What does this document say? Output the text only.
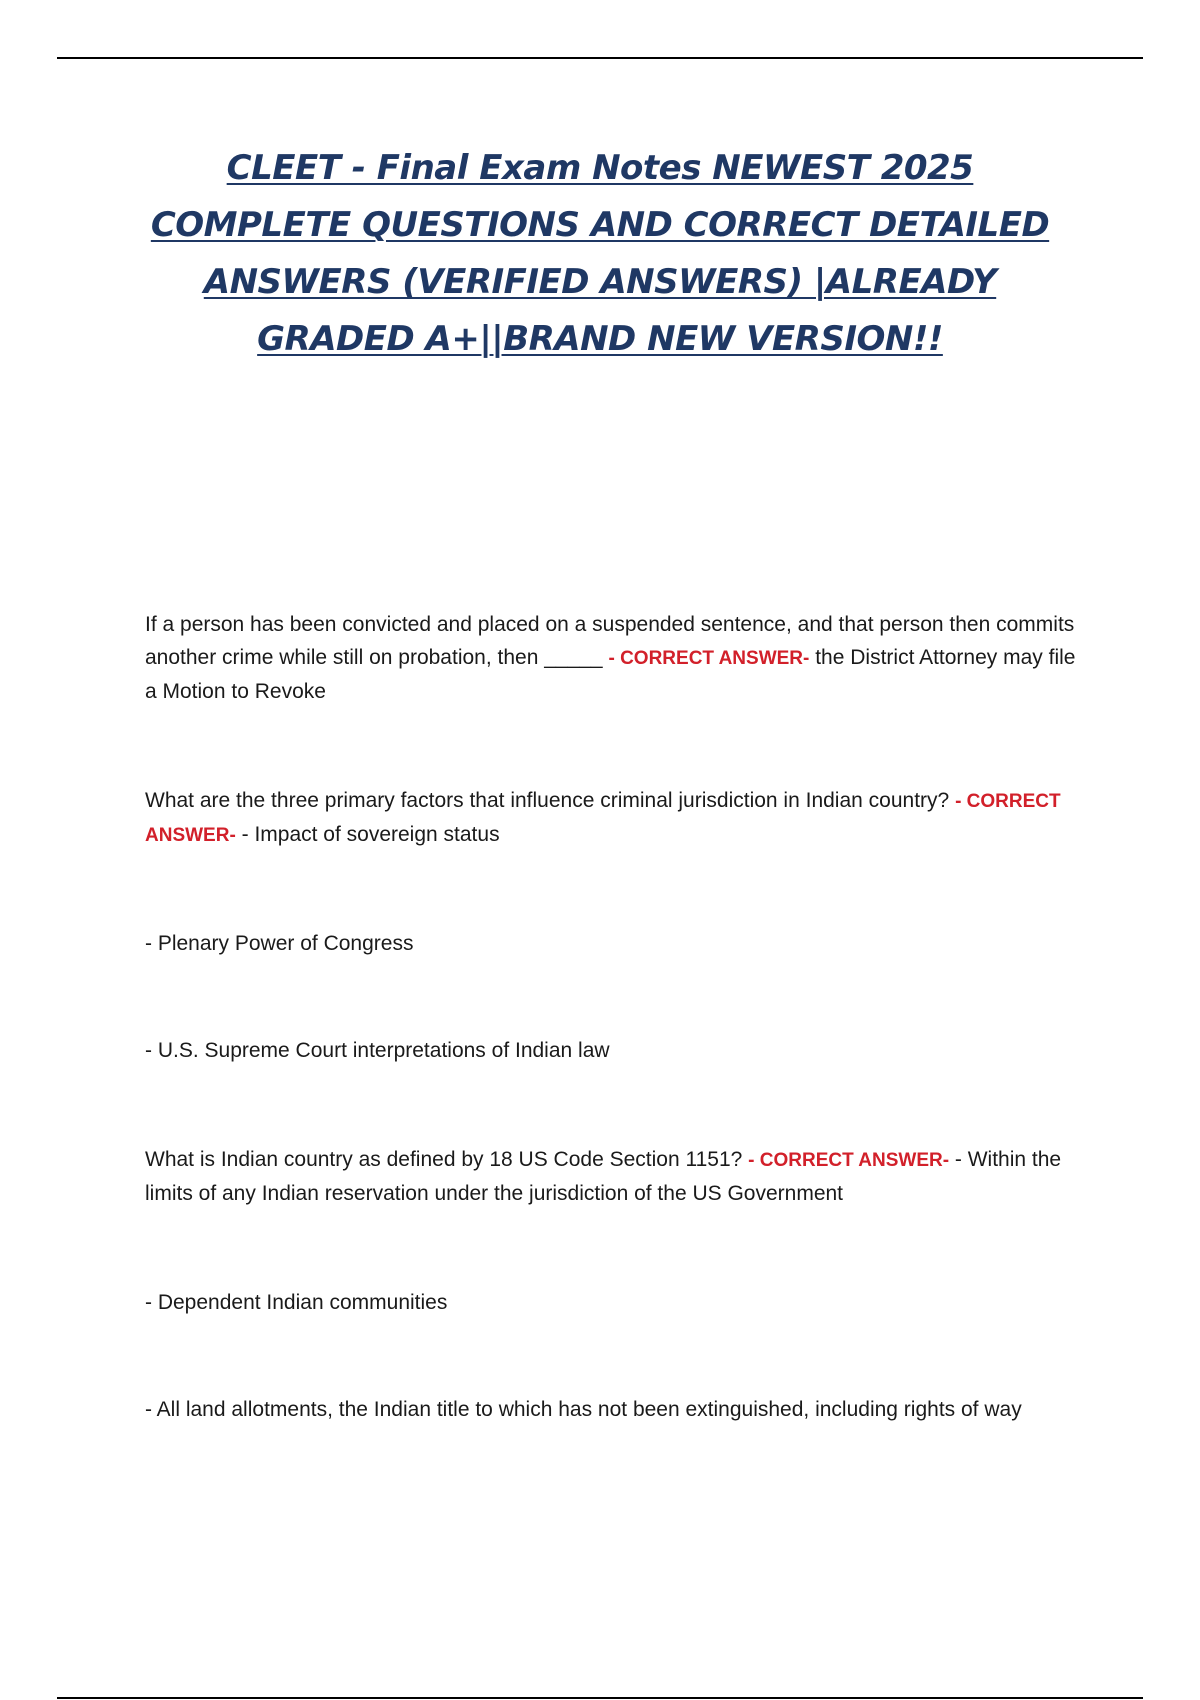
CLEET - Final Exam Notes NEWEST 2025 COMPLETE QUESTIONS AND CORRECT DETAILED ANSWERS (VERIFIED ANSWERS) |ALREADY GRADED A+||BRAND NEW VERSION!!
If a person has been convicted and placed on a suspended sentence, and that person then commits another crime while still on probation, then _____ - CORRECT ANSWER- the District Attorney may file a Motion to Revoke
What are the three primary factors that influence criminal jurisdiction in Indian country? - CORRECT ANSWER- - Impact of sovereign status
- Plenary Power of Congress
- U.S. Supreme Court interpretations of Indian law
What is Indian country as defined by 18 US Code Section 1151? - CORRECT ANSWER- - Within the limits of any Indian reservation under the jurisdiction of the US Government
- Dependent Indian communities
- All land allotments, the Indian title to which has not been extinguished, including rights of way
